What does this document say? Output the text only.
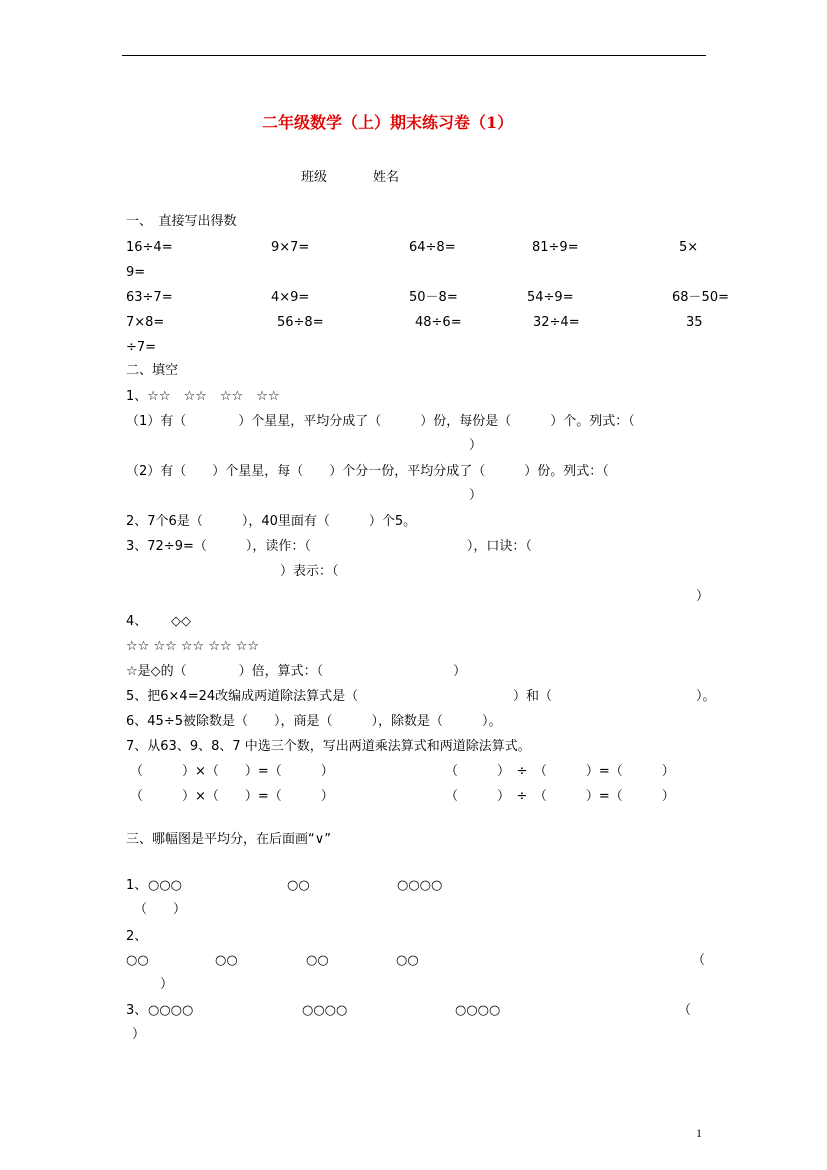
二年级数学（上）期末练习卷（1）
班级	姓名
一、　直接写出得数
16÷4=	9×7=	64÷8=	81÷9=	5×
9=
63÷7=	4×9=	50－8=	54÷9=	68－50=
7×8=	56÷8=	48÷6=	32÷4=	35
÷7=
二、填空
1、☆☆　☆☆　☆☆　☆☆
（1）有（　　　　）个星星，平均分成了（　　　）份，每份是（　　　）个。列式：（
）
（2）有（　　）个星星，每（　　）个分一份，平均分成了（　　　）份。列式：（
）
2、7个6是（　　　），40里面有（　　　）个5。
3、72÷9=（　　　），读作：（　　　　　　　　　　　　），口诀：（
）表示：（
）
4、 ◇◇
☆☆ ☆☆ ☆☆ ☆☆ ☆☆
☆是◇的（　　　　）倍，算式：（　　　　　　　　　　）
5、把6×4=24改编成两道除法算式是（	）和（	）。
6、45÷5被除数是（　　），商是（　　　），除数是（　　　）。
7、从63、9、8、7 中选三个数，写出两道乘法算式和两道除法算式。
（　　　）×（　　）=（　　　）	（　　　）　÷　（　　　）=（　　　）
（　　　）×（　　）=（　　　）	（　　　）　÷　（　　　）=（　　　）
三、哪幅图是平均分，在后面画“∨”
1、 ○○○	○○	○○○○
（　　）
2、
○○	○○	○○	○○	（
）
3、 ○○○○	○○○○	○○○○	（
）
1
